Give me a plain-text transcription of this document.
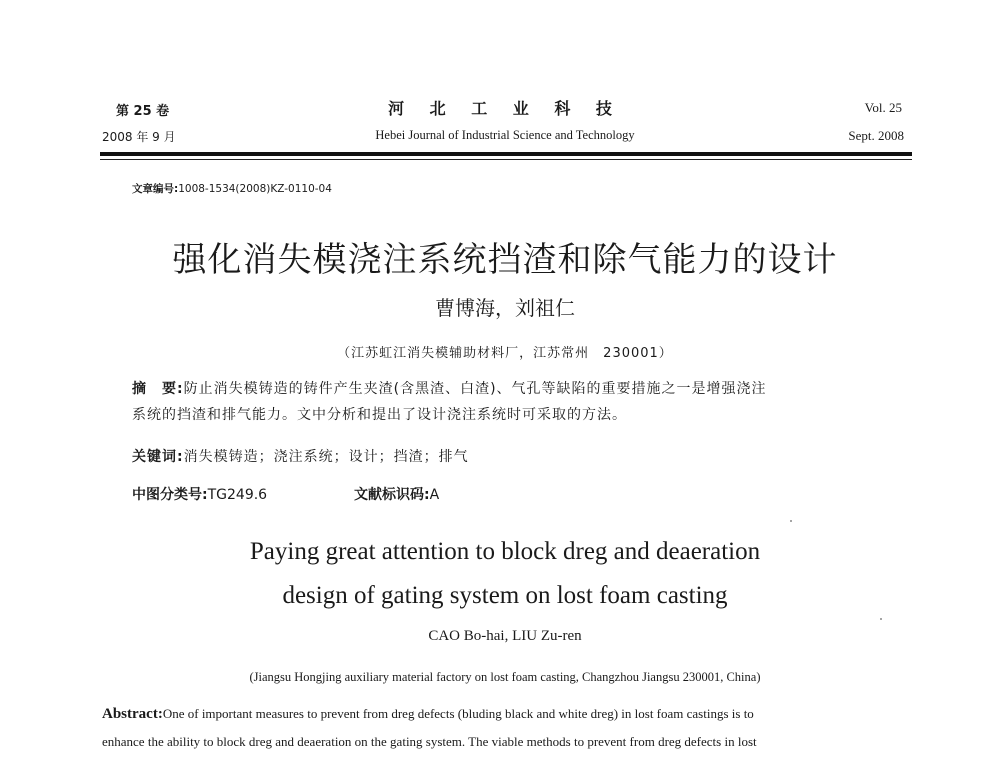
第 25 卷
2008 年 9 月
河 北 工 业 科 技
Hebei Journal of Industrial Science and Technology
Vol. 25
Sept. 2008
文章编号:1008-1534(2008)KZ-0110-04
强化消失模浇注系统挡渣和除气能力的设计
曹博海，刘祖仁
（江苏虹江消失模辅助材料厂，江苏常州　230001）
摘　要:防止消失模铸造的铸件产生夹渣(含黑渣、白渣)、气孔等缺陷的重要措施之一是增强浇注
系统的挡渣和排气能力。文中分析和提出了设计浇注系统时可采取的方法。
关键词:消失模铸造；浇注系统；设计；挡渣；排气
中图分类号:TG249.6	文献标识码:A
Paying great attention to block dreg and deaeration
design of gating system on lost foam casting
CAO Bo-hai, LIU Zu-ren
(Jiangsu Hongjing auxiliary material factory on lost foam casting, Changzhou Jiangsu 230001, China)
Abstract:One of important measures to prevent from dreg defects (bluding black and white dreg) in lost foam castings is to
enhance the ability to block dreg and deaeration on the gating system. The viable methods to prevent from dreg defects in lost
